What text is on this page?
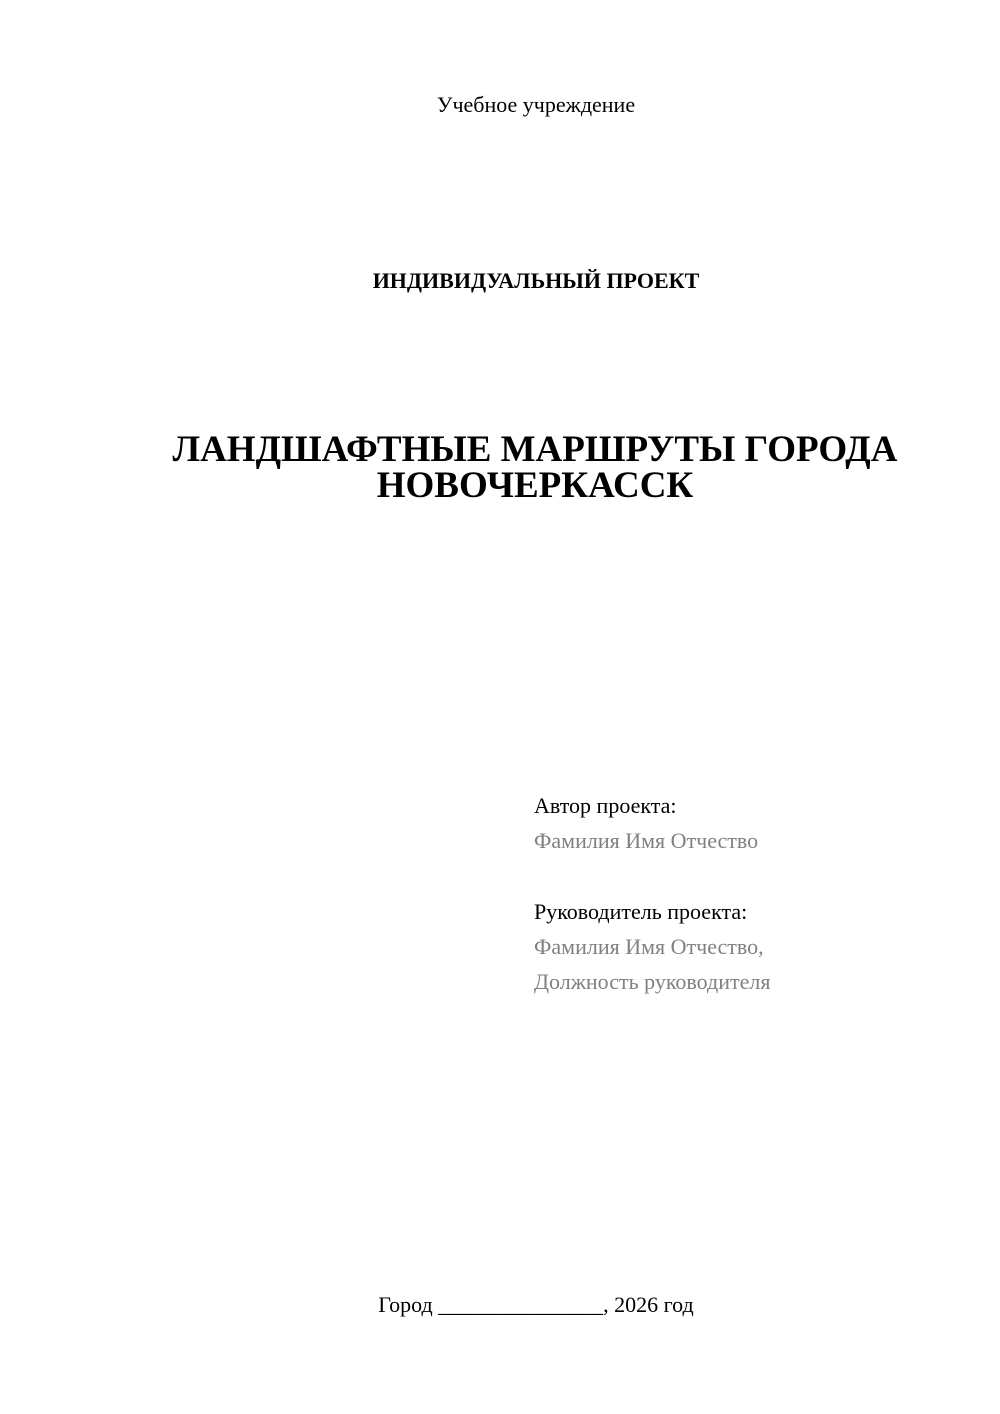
Учебное учреждение
ИНДИВИДУАЛЬНЫЙ ПРОЕКТ
ЛАНДШАФТНЫЕ МАРШРУТЫ ГОРОДА
НОВОЧЕРКАССК
Автор проекта:
Фамилия Имя Отчество
Руководитель проекта:
Фамилия Имя Отчество,
Должность руководителя
Город _______________, 2026 год
